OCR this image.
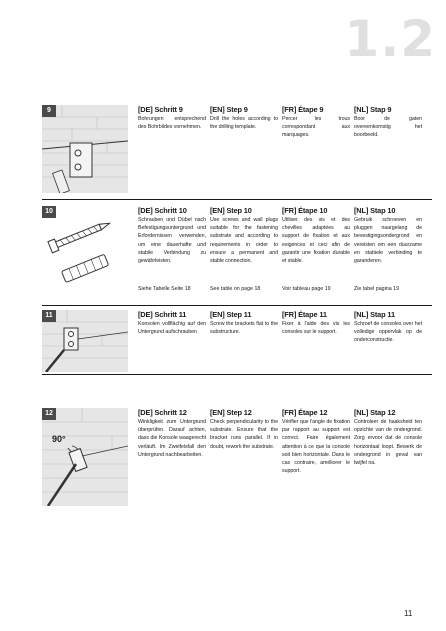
1.2
9	[DE] Schritt 9
Bohrungen entsprechend des Bohrbildes vornehmen.
[EN] Step 9
Drill the holes according to the drilling template.
[FR] Étape 9
Percer les trous correspondant aux marquages.
[NL] Stap 9
Boor de gaten overeenkomstig het boorbeeld.
10	[DE] Schritt 10
Schrauben und Dübel nach Befestigungsuntergrund und Erfordernissen verwenden, um eine dauerhafte und stabile Verbindung zu gewährleisten.
Siehe Tabelle Seite 18
[EN] Step 10
Use screws and wall plugs suitable for the fastening substrate and according to requirements in order to ensure a permanent and stable connection.
See table on page 18
[FR] Étape 10
Utiliser des vis et des chevilles adaptées au support de fixation et aux exigences et ceci afin de garantir une fixation durable et stable.
Voir tableau page 19
[NL] Stap 10
Gebruik schroeven en pluggen naargelang de bevestigingsondergrond en vereisten om een duurzame en stabiele verbinding te garanderen.
Zie tabel pagina 19
11	[DE] Schritt 11
Konsolen vollflächig auf den Untergrund aufschrauben
[EN] Step 11
Screw the brackets flat to the substructure.
[FR] Étape 11
Fixer à l'aide des vis les consoles sur le support.
[NL] Stap 11
Schroef de consoles over het volledige oppervlak op de onderconstructie.
90°
12	[DE] Schritt 12
Winkligkeit zum Untergrund überprüfen. Darauf achten, dass die Konsole waagerecht verläuft. Im Zweifelsfall den Untergrund nachbearbeiten.
[EN] Step 12
Check perpendicularity to the substrate. Ensure that the bracket runs parallel. If in doubt, rework the substrate.
[FR] Étape 12
Vérifier que l'angle de fixation par rapport au support est correct. Faire également attention à ce que la console soit bien horizontale. Dans le cas contraire, améliorer le support.
[NL] Stap 12
Controleer de haaksheid ten opzichte van de ondergrond. Zorg ervoor dat de console horizontaal loopt. Bewerk de ondergrond in geval van twijfel na.
11
